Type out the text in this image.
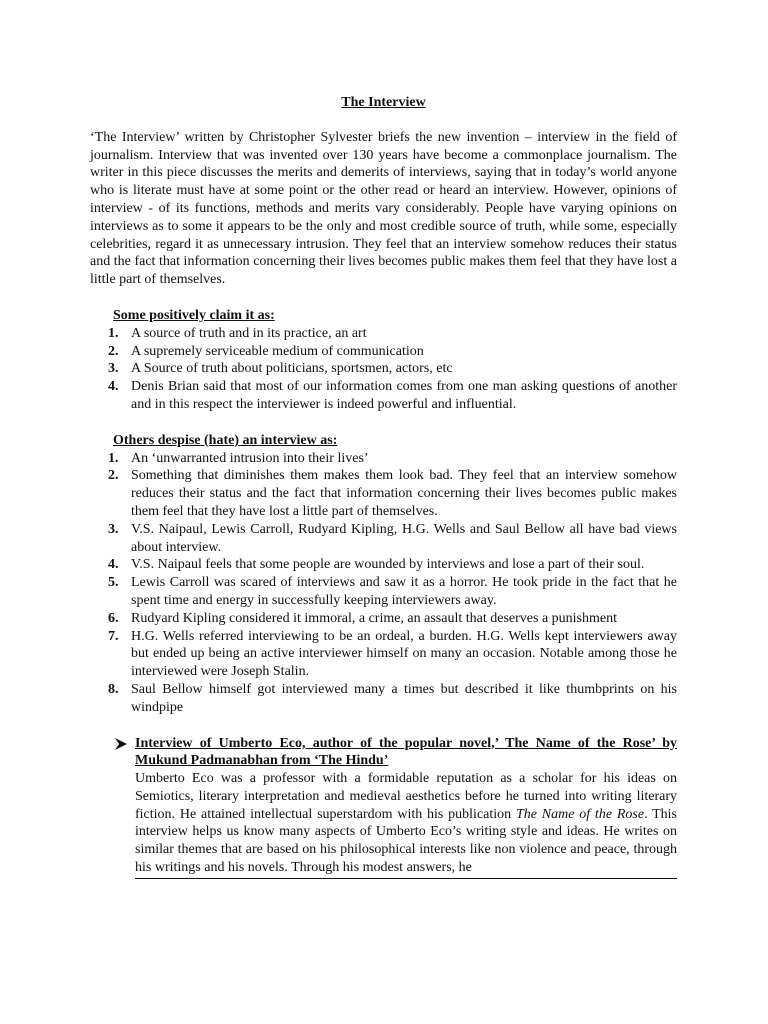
The Interview

‘The Interview’ written by Christopher Sylvester briefs the new invention – interview in the field of journalism. Interview that was invented over 130 years have become a commonplace journalism. The writer in this piece discusses the merits and demerits of interviews, saying that in today’s world anyone who is literate must have at some point or the other read or heard an interview. However, opinions of interview - of its functions, methods and merits vary considerably. People have varying opinions on interviews as to some it appears to be the only and most credible source of truth, while some, especially celebrities, regard it as unnecessary intrusion. They feel that an interview somehow reduces their status and the fact that information concerning their lives becomes public makes them feel that they have lost a little part of themselves.

Some positively claim it as:

1. A source of truth and in its practice, an art
2. A supremely serviceable medium of communication
3. A Source of truth about politicians, sportsmen, actors, etc
4. Denis Brian said that most of our information comes from one man asking questions of another and in this respect the interviewer is indeed powerful and influential.

Others despise (hate) an interview as:

1. An ‘unwarranted intrusion into their lives’
2. Something that diminishes them makes them look bad. They feel that an interview somehow reduces their status and the fact that information concerning their lives becomes public makes them feel that they have lost a little part of themselves.
3. V.S. Naipaul, Lewis Carroll, Rudyard Kipling, H.G. Wells and Saul Bellow all have bad views about interview.
4. V.S. Naipaul feels that some people are wounded by interviews and lose a part of their soul.
5. Lewis Carroll was scared of interviews and saw it as a horror. He took pride in the fact that he spent time and energy in successfully keeping interviewers away.
6. Rudyard Kipling considered it immoral, a crime, an assault that deserves a punishment
7. H.G. Wells referred interviewing to be an ordeal, a burden. H.G. Wells kept interviewers away but ended up being an active interviewer himself on many an occasion. Notable among those he interviewed were Joseph Stalin.
8. Saul Bellow himself got interviewed many a times but described it like thumbprints on his windpipe

Interview of Umberto Eco, author of the popular novel,’ The Name of the Rose’ by Mukund Padmanabhan from ‘The Hindu’

Umberto Eco was a professor with a formidable reputation as a scholar for his ideas on Semiotics, literary interpretation and medieval aesthetics before he turned into writing literary fiction. He attained intellectual superstardom with his publication The Name of the Rose. This interview helps us know many aspects of Umberto Eco’s writing style and ideas. He writes on similar themes that are based on his philosophical interests like non violence and peace, through his writings and his novels. Through his modest answers, he
